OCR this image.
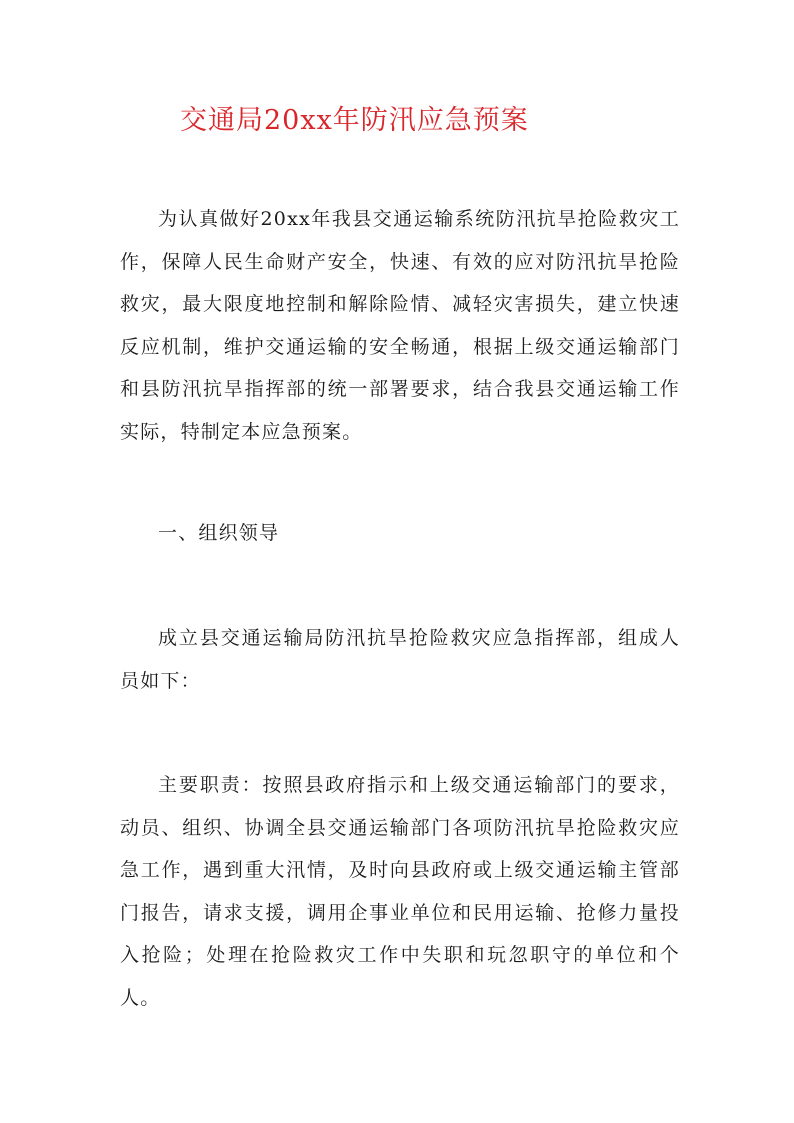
交通局20xx年防汛应急预案

为认真做好20xx年我县交通运输系统防汛抗旱抢险救灾工作，保障人民生命财产安全，快速、有效的应对防汛抗旱抢险救灾，最大限度地控制和解除险情、减轻灾害损失，建立快速反应机制，维护交通运输的安全畅通，根据上级交通运输部门和县防汛抗旱指挥部的统一部署要求，结合我县交通运输工作实际，特制定本应急预案。

一、组织领导

成立县交通运输局防汛抗旱抢险救灾应急指挥部，组成人员如下：

主要职责：按照县政府指示和上级交通运输部门的要求，动员、组织、协调全县交通运输部门各项防汛抗旱抢险救灾应急工作，遇到重大汛情，及时向县政府或上级交通运输主管部门报告，请求支援，调用企事业单位和民用运输、抢修力量投入抢险；处理在抢险救灾工作中失职和玩忽职守的单位和个人。
